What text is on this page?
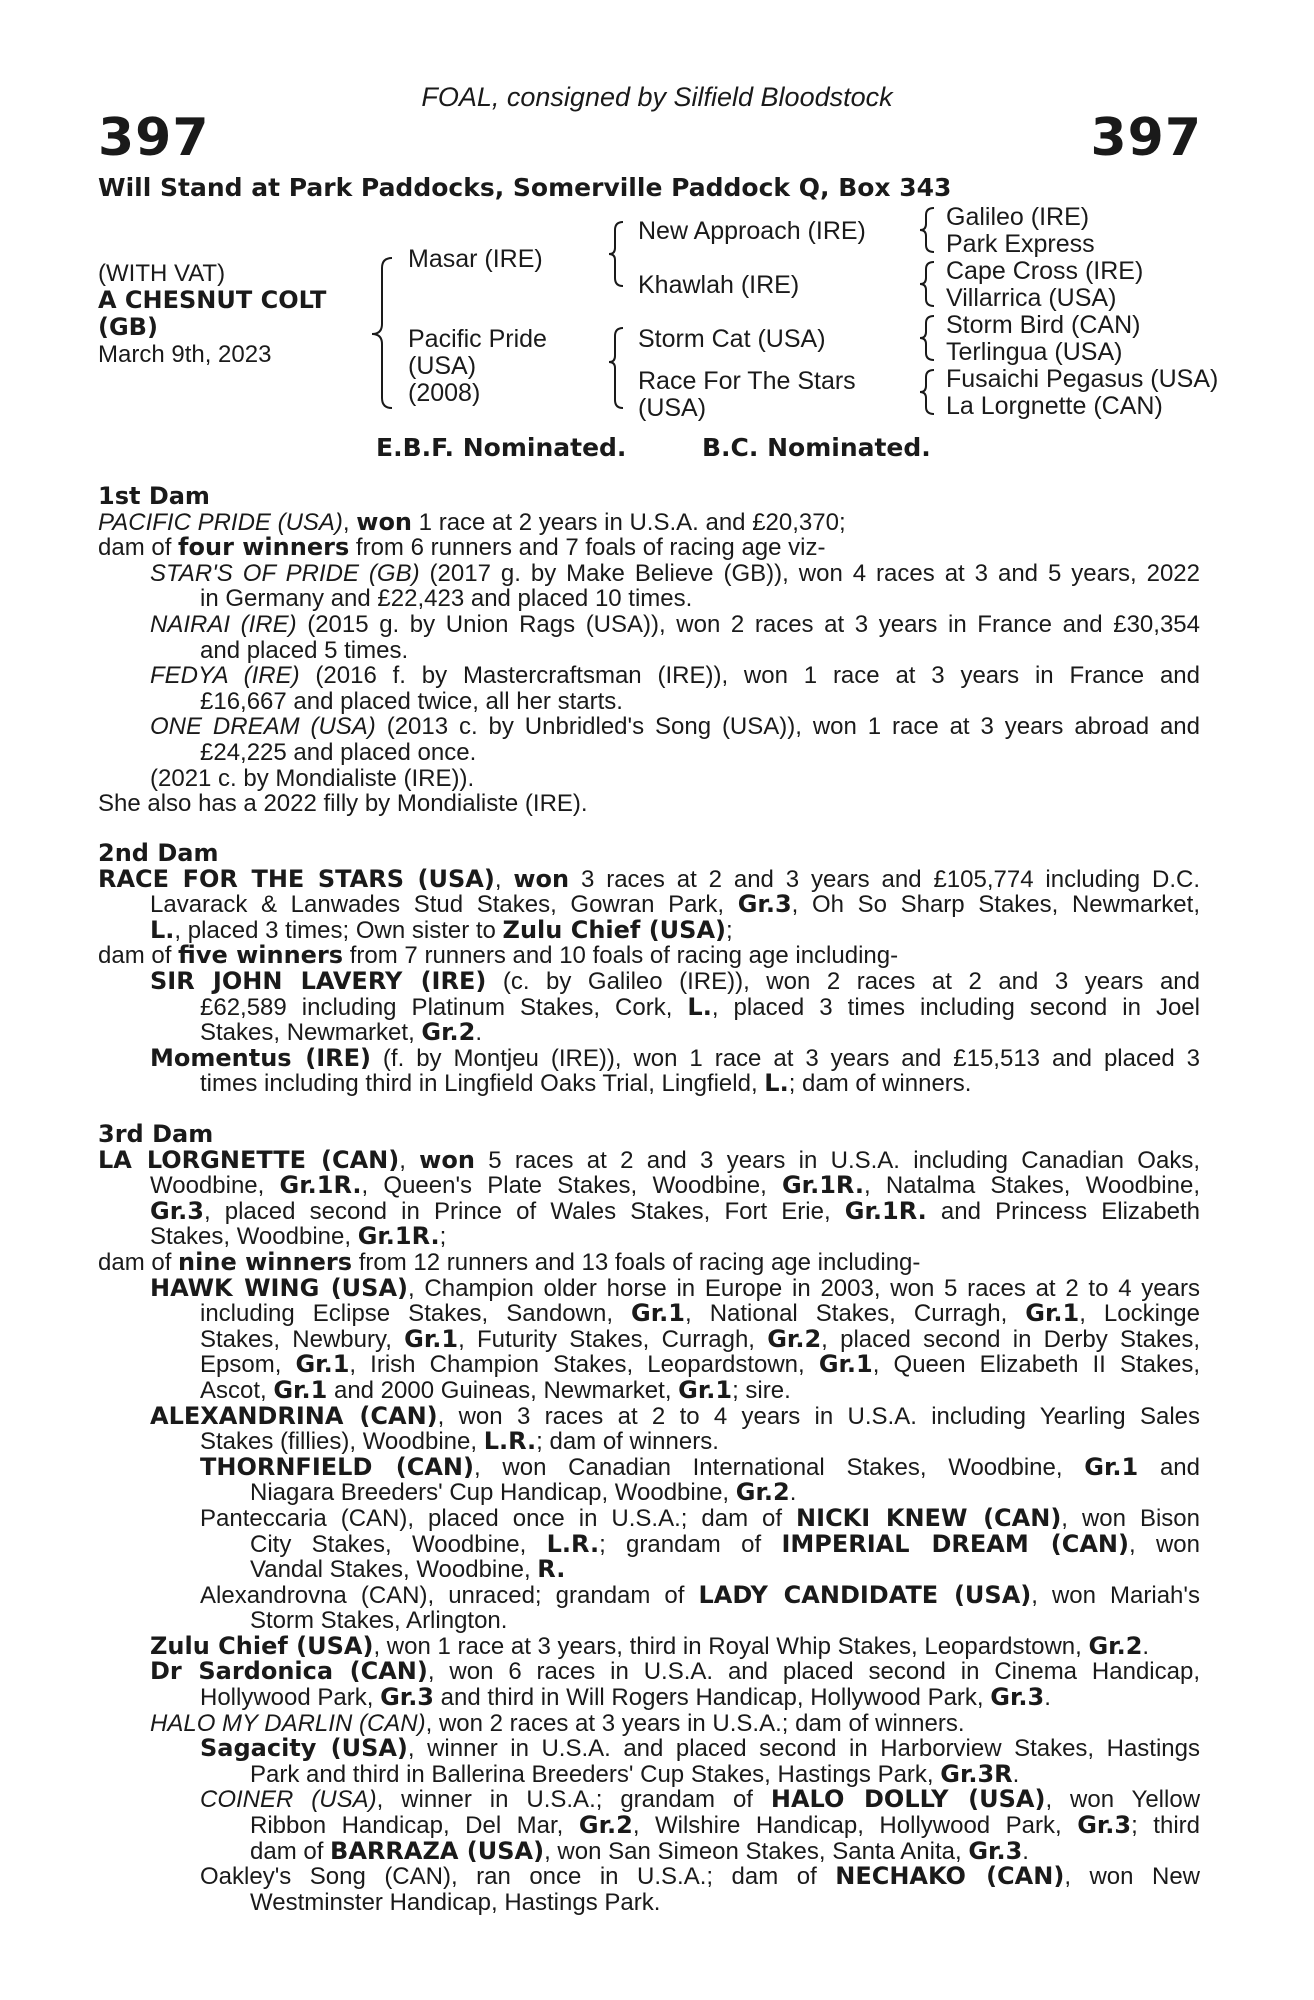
FOAL, consigned by Silfield Bloodstock
397	397
Will Stand at Park Paddocks, Somerville Paddock Q, Box 343
(WITH VAT)
A CHESNUT COLT
(GB)
March 9th, 2023
Masar (IRE)
Pacific Pride
(USA)
(2008)
New Approach (IRE)
Khawlah (IRE)
Storm Cat (USA)
Race For The Stars
(USA)
Galileo (IRE)
Park Express
Cape Cross (IRE)
Villarrica (USA)
Storm Bird (CAN)
Terlingua (USA)
Fusaichi Pegasus (USA)
La Lorgnette (CAN)
E.B.F. Nominated.	B.C. Nominated.
1st Dam
PACIFIC PRIDE (USA), won 1 race at 2 years in U.S.A. and £20,370;
dam of four winners from 6 runners and 7 foals of racing age viz-
STAR'S OF PRIDE (GB) (2017 g. by Make Believe (GB)), won 4 races at 3 and 5 years, 2022
in Germany and £22,423 and placed 10 times.
NAIRAI (IRE) (2015 g. by Union Rags (USA)), won 2 races at 3 years in France and £30,354
and placed 5 times.
FEDYA (IRE) (2016 f. by Mastercraftsman (IRE)), won 1 race at 3 years in France and
£16,667 and placed twice, all her starts.
ONE DREAM (USA) (2013 c. by Unbridled's Song (USA)), won 1 race at 3 years abroad and
£24,225 and placed once.
(2021 c. by Mondialiste (IRE)).
She also has a 2022 filly by Mondialiste (IRE).
2nd Dam
RACE FOR THE STARS (USA), won 3 races at 2 and 3 years and £105,774 including D.C.
Lavarack & Lanwades Stud Stakes, Gowran Park, Gr.3, Oh So Sharp Stakes, Newmarket,
L., placed 3 times; Own sister to Zulu Chief (USA);
dam of five winners from 7 runners and 10 foals of racing age including-
SIR JOHN LAVERY (IRE) (c. by Galileo (IRE)), won 2 races at 2 and 3 years and
£62,589 including Platinum Stakes, Cork, L., placed 3 times including second in Joel
Stakes, Newmarket, Gr.2.
Momentus (IRE) (f. by Montjeu (IRE)), won 1 race at 3 years and £15,513 and placed 3
times including third in Lingfield Oaks Trial, Lingfield, L.; dam of winners.
3rd Dam
LA LORGNETTE (CAN), won 5 races at 2 and 3 years in U.S.A. including Canadian Oaks,
Woodbine, Gr.1R., Queen's Plate Stakes, Woodbine, Gr.1R., Natalma Stakes, Woodbine,
Gr.3, placed second in Prince of Wales Stakes, Fort Erie, Gr.1R. and Princess Elizabeth
Stakes, Woodbine, Gr.1R.;
dam of nine winners from 12 runners and 13 foals of racing age including-
HAWK WING (USA), Champion older horse in Europe in 2003, won 5 races at 2 to 4 years
including Eclipse Stakes, Sandown, Gr.1, National Stakes, Curragh, Gr.1, Lockinge
Stakes, Newbury, Gr.1, Futurity Stakes, Curragh, Gr.2, placed second in Derby Stakes,
Epsom, Gr.1, Irish Champion Stakes, Leopardstown, Gr.1, Queen Elizabeth II Stakes,
Ascot, Gr.1 and 2000 Guineas, Newmarket, Gr.1; sire.
ALEXANDRINA (CAN), won 3 races at 2 to 4 years in U.S.A. including Yearling Sales
Stakes (fillies), Woodbine, L.R.; dam of winners.
THORNFIELD (CAN), won Canadian International Stakes, Woodbine, Gr.1 and
Niagara Breeders' Cup Handicap, Woodbine, Gr.2.
Panteccaria (CAN), placed once in U.S.A.; dam of NICKI KNEW (CAN), won Bison
City Stakes, Woodbine, L.R.; grandam of IMPERIAL DREAM (CAN), won
Vandal Stakes, Woodbine, R.
Alexandrovna (CAN), unraced; grandam of LADY CANDIDATE (USA), won Mariah's
Storm Stakes, Arlington.
Zulu Chief (USA), won 1 race at 3 years, third in Royal Whip Stakes, Leopardstown, Gr.2.
Dr Sardonica (CAN), won 6 races in U.S.A. and placed second in Cinema Handicap,
Hollywood Park, Gr.3 and third in Will Rogers Handicap, Hollywood Park, Gr.3.
HALO MY DARLIN (CAN), won 2 races at 3 years in U.S.A.; dam of winners.
Sagacity (USA), winner in U.S.A. and placed second in Harborview Stakes, Hastings
Park and third in Ballerina Breeders' Cup Stakes, Hastings Park, Gr.3R.
COINER (USA), winner in U.S.A.; grandam of HALO DOLLY (USA), won Yellow
Ribbon Handicap, Del Mar, Gr.2, Wilshire Handicap, Hollywood Park, Gr.3; third
dam of BARRAZA (USA), won San Simeon Stakes, Santa Anita, Gr.3.
Oakley's Song (CAN), ran once in U.S.A.; dam of NECHAKO (CAN), won New
Westminster Handicap, Hastings Park.
